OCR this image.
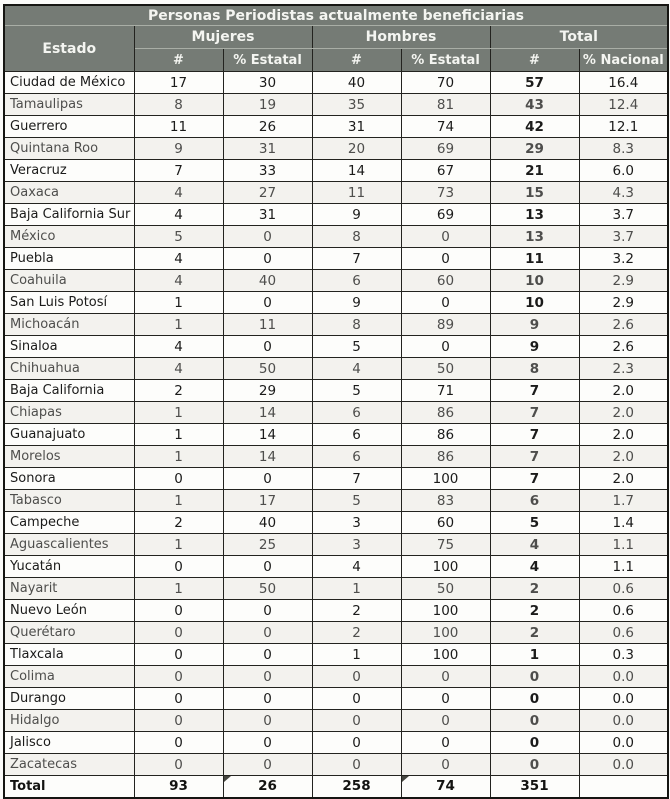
Personas Periodistas actualmente beneficiarias						
Estado	Mujeres		Hombres		Total	
	#	% Estatal	#	% Estatal	#	% Nacional
Ciudad de México	17	30	40	70	57	16.4
Tamaulipas	8	19	35	81	43	12.4
Guerrero	11	26	31	74	42	12.1
Quintana Roo	9	31	20	69	29	8.3
Veracruz	7	33	14	67	21	6.0
Oaxaca	4	27	11	73	15	4.3
Baja California Sur	4	31	9	69	13	3.7
México	5	0	8	0	13	3.7
Puebla	4	0	7	0	11	3.2
Coahuila	4	40	6	60	10	2.9
San Luis Potosí	1	0	9	0	10	2.9
Michoacán	1	11	8	89	9	2.6
Sinaloa	4	0	5	0	9	2.6
Chihuahua	4	50	4	50	8	2.3
Baja California	2	29	5	71	7	2.0
Chiapas	1	14	6	86	7	2.0
Guanajuato	1	14	6	86	7	2.0
Morelos	1	14	6	86	7	2.0
Sonora	0	0	7	100	7	2.0
Tabasco	1	17	5	83	6	1.7
Campeche	2	40	3	60	5	1.4
Aguascalientes	1	25	3	75	4	1.1
Yucatán	0	0	4	100	4	1.1
Nayarit	1	50	1	50	2	0.6
Nuevo León	0	0	2	100	2	0.6
Querétaro	0	0	2	100	2	0.6
Tlaxcala	0	0	1	100	1	0.3
Colima	0	0	0	0	0	0.0
Durango	0	0	0	0	0	0.0
Hidalgo	0	0	0	0	0	0.0
Jalisco	0	0	0	0	0	0.0
Zacatecas	0	0	0	0	0	0.0
Total	93	26	258	74	351	
